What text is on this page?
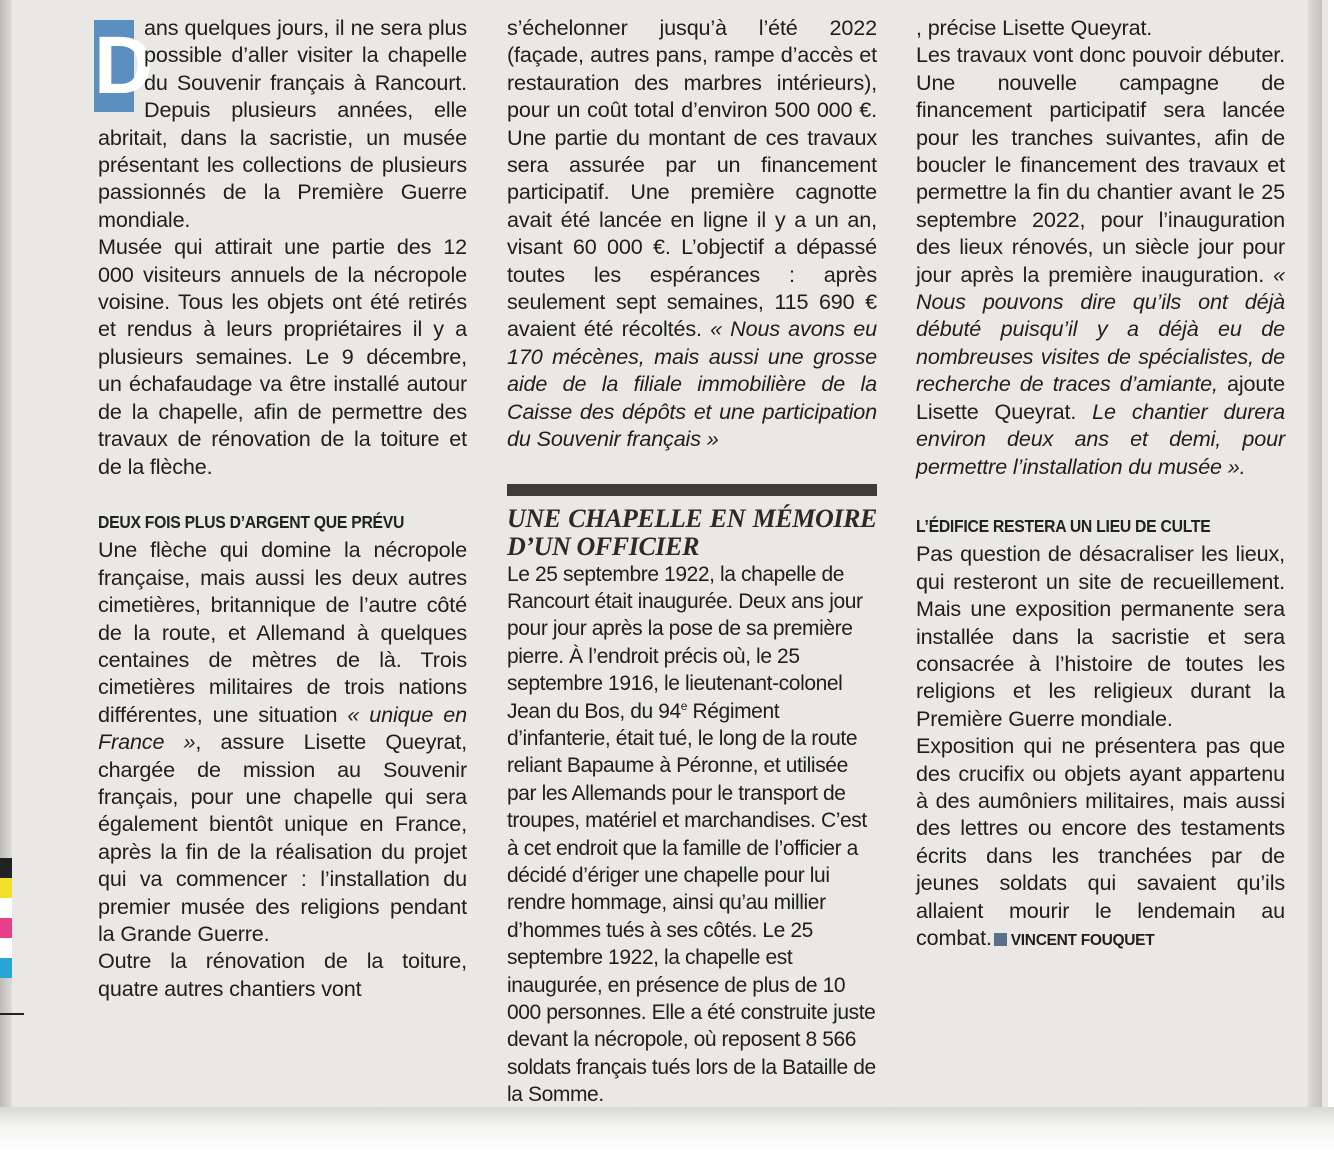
D
ans quelques jours, il ne sera plus possible d’aller visiter la chapelle du Souvenir français à Rancourt. Depuis plusieurs années, elle abritait, dans la sacristie, un musée présentant les collections de plusieurs passionnés de la Première Guerre mondiale.

Musée qui attirait une partie des 12 000 visiteurs annuels de la nécropole voisine. Tous les objets ont été retirés et rendus à leurs propriétaires il y a plusieurs semaines. Le 9 décembre, un échafaudage va être installé autour de la chapelle, afin de permettre des travaux de rénovation de la toiture et de la flèche.

DEUX FOIS PLUS D’ARGENT QUE PRÉVU

Une flèche qui domine la nécropole française, mais aussi les deux autres cimetières, britannique de l’autre côté de la route, et Allemand à quelques centaines de mètres de là. Trois cimetières militaires de trois nations différentes, une situation « unique en France », assure Lisette Queyrat, chargée de mission au Souvenir français, pour une chapelle qui sera également bientôt unique en France, après la fin de la réalisation du projet qui va commencer : l’installation du premier musée des religions pendant la Grande Guerre.

Outre la rénovation de la toiture, quatre autres chantiers vont

s’échelonner jusqu’à l’été 2022 (façade, autres pans, rampe d’accès et restauration des marbres intérieurs), pour un coût total d’environ 500 000 €. Une partie du montant de ces travaux sera assurée par un financement participatif. Une première cagnotte avait été lancée en ligne il y a un an, visant 60 000 €. L’objectif a dépassé toutes les espérances : après seulement sept semaines, 115 690 € avaient été récoltés. « Nous avons eu 170 mécènes, mais aussi une grosse aide de la filiale immobilière de la Caisse des dépôts et une participation du Souvenir français »

UNE CHAPELLE EN MÉMOIRE D’UN OFFICIER

Le 25 septembre 1922, la chapelle de Rancourt était inaugurée. Deux ans jour pour jour après la pose de sa première pierre. À l’endroit précis où, le 25 septembre 1916, le lieutenant-colonel Jean du Bos, du 94e Régiment d’infanterie, était tué, le long de la route reliant Bapaume à Péronne, et utilisée par les Allemands pour le transport de troupes, matériel et marchandises. C’est à cet endroit que la famille de l’officier a décidé d’ériger une chapelle pour lui rendre hommage, ainsi qu’au millier d’hommes tués à ses côtés. Le 25 septembre 1922, la chapelle est inaugurée, en présence de plus de 10 000 personnes. Elle a été construite juste devant la nécropole, où reposent 8 566 soldats français tués lors de la Bataille de la Somme.

, précise Lisette Queyrat.

Les travaux vont donc pouvoir débuter. Une nouvelle campagne de financement participatif sera lancée pour les tranches suivantes, afin de boucler le financement des travaux et permettre la fin du chantier avant le 25 septembre 2022, pour l’inauguration des lieux rénovés, un siècle jour pour jour après la première inauguration. « Nous pouvons dire qu’ils ont déjà débuté puisqu’il y a déjà eu de nombreuses visites de spécialistes, de recherche de traces d’amiante, ajoute Lisette Queyrat. Le chantier durera environ deux ans et demi, pour permettre l’installation du musée ».

L’ÉDIFICE RESTERA UN LIEU DE CULTE

Pas question de désacraliser les lieux, qui resteront un site de recueillement. Mais une exposition permanente sera installée dans la sacristie et sera consacrée à l’histoire de toutes les religions et les religieux durant la Première Guerre mondiale.

Exposition qui ne présentera pas que des crucifix ou objets ayant appartenu à des aumôniers militaires, mais aussi des lettres ou encore des testaments écrits dans les tranchées par de jeunes soldats qui savaient qu’ils allaient mourir le lendemain au combat. VINCENT FOUQUET
